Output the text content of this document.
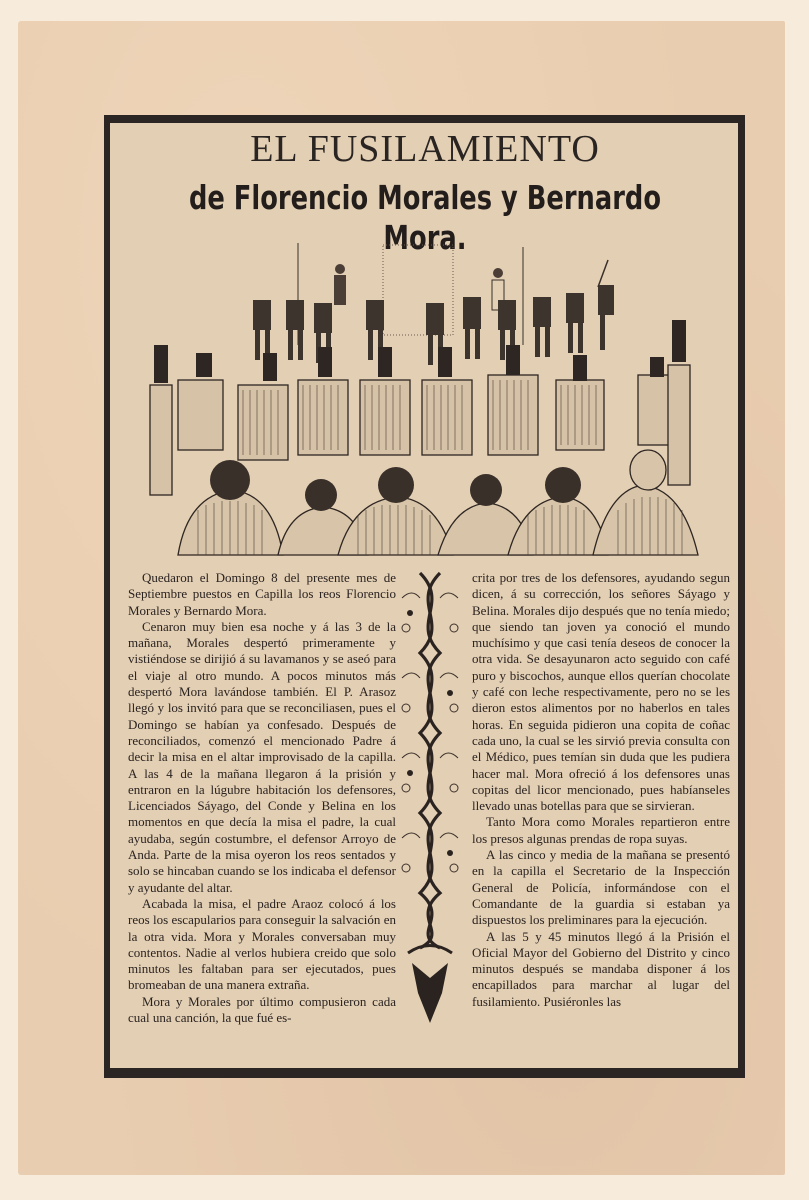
EL FUSILAMIENTO
de Florencio Morales y Bernardo Mora.

Quedaron el Domingo 8 del presente mes de Septiembre puestos en Capilla los reos Florencio Morales y Bernardo Mora.

Cenaron muy bien esa noche y á las 3 de la mañana, Morales despertó primeramente y vistiéndose se dirijió á su lavamanos y se aseó para el viaje al otro mundo. A pocos minutos más despertó Mora lavándose también. El P. Arasoz llegó y los invitó para que se reconciliasen, pues el Domingo se habían ya confesado. Después de reconciliados, comenzó el mencionado Padre á decir la misa en el altar improvisado de la capilla. A las 4 de la mañana llegaron á la prisión y entraron en la lúgubre habitación los defensores, Licenciados Sáyago, del Conde y Belina en los momentos en que decía la misa el padre, la cual ayudaba, según costumbre, el defensor Arroyo de Anda. Parte de la misa oyeron los reos sentados y solo se hincaban cuando se los indicaba el defensor y ayudante del altar.

Acabada la misa, el padre Araoz colocó á los reos los escapularios para conseguir la salvación en la otra vida. Mora y Morales conversaban muy contentos. Nadie al verlos hubiera creido que solo minutos les faltaban para ser ejecutados, pues bromeaban de una manera extraña.

Mora y Morales por último compusieron cada cual una canción, la que fué es-

crita por tres de los defensores, ayudando segun dicen, á su corrección, los señores Sáyago y Belina. Morales dijo después que no tenía miedo; que siendo tan joven ya conoció el mundo muchísimo y que casi tenía deseos de conocer la otra vida. Se desayunaron acto seguido con café puro y biscochos, aunque ellos querían chocolate y café con leche respectivamente, pero no se les dieron estos alimentos por no haberlos en tales horas. En seguida pidieron una copita de coñac cada uno, la cual se les sirvió previa consulta con el Médico, pues temían sin duda que les pudiera hacer mal. Mora ofreció á los defensores unas copitas del licor mencionado, pues habíanseles llevado unas botellas para que se sirvieran.

Tanto Mora como Morales repartieron entre los presos algunas prendas de ropa suyas.

A las cinco y media de la mañana se presentó en la capilla el Secretario de la Inspección General de Policía, informándose con el Comandante de la guardia si estaban ya dispuestos los preliminares para la ejecución.

A las 5 y 45 minutos llegó á la Prisión el Oficial Mayor del Gobierno del Distrito y cinco minutos después se mandaba disponer á los encapillados para marchar al lugar del fusilamiento. Pusiéronles las
